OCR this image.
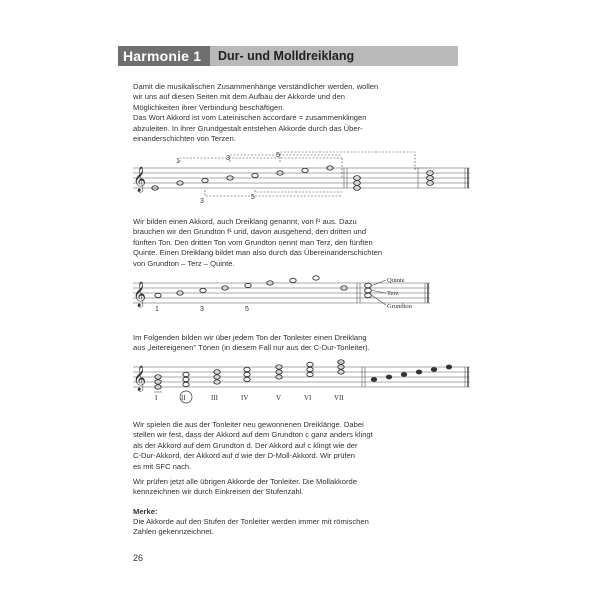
Harmonie 1	Dur- und Molldreiklang

Damit die musikalischen Zusammenhänge verständlicher werden, wollen
wir uns auf diesen Seiten mit dem Aufbau der Akkorde und den
Möglichkeiten ihrer Verbindung beschäftigen.
Das Wort Akkord ist vom Lateinischen accordare = zusammenklingen
abzuleiten. In ihrer Grundgestalt entstehen Akkorde durch das Über-
einanderschichten von Terzen.

𝄞
1	3	5
3
5

Wir bilden einen Akkord, auch Dreiklang genannt, von f¹ aus. Dazu
brauchen wir den Grundton f¹ und, davon ausgehend, den dritten und
fünften Ton. Den dritten Ton vom Grundton nennt man Terz, den fünften
Quinte. Einen Dreiklang bildet man also durch das Übereinanderschichten
von Grundton – Terz – Quinte.

𝄞
1	3	5
Quinte
Terz
Grundton

Im Folgenden bilden wir über jedem Ton der Tonleiter einen Dreiklang
aus „leitereigenen" Tönen (in diesem Fall nur aus der C-Dur-Tonleiter).

𝄞
I	II	III	IV	V	VI	VII

Wir spielen die aus der Tonleiter neu gewonnenen Dreiklänge. Dabei
stellen wir fest, dass der Akkord auf dem Grundton c ganz anders klingt
als der Akkord auf dem Grundton d. Der Akkord auf c klingt wie der
C-Dur-Akkord, der Akkord auf d wie der D-Moll-Akkord. Wir prüfen
es mit SFC nach.

Wir prüfen jetzt alle übrigen Akkorde der Tonleiter. Die Mollakkorde
kennzeichnen wir durch Einkreisen der Stufenzahl.

Merke:

Die Akkorde auf den Stufen der Tonleiter werden immer mit römischen
Zahlen gekennzeichnet.

26
